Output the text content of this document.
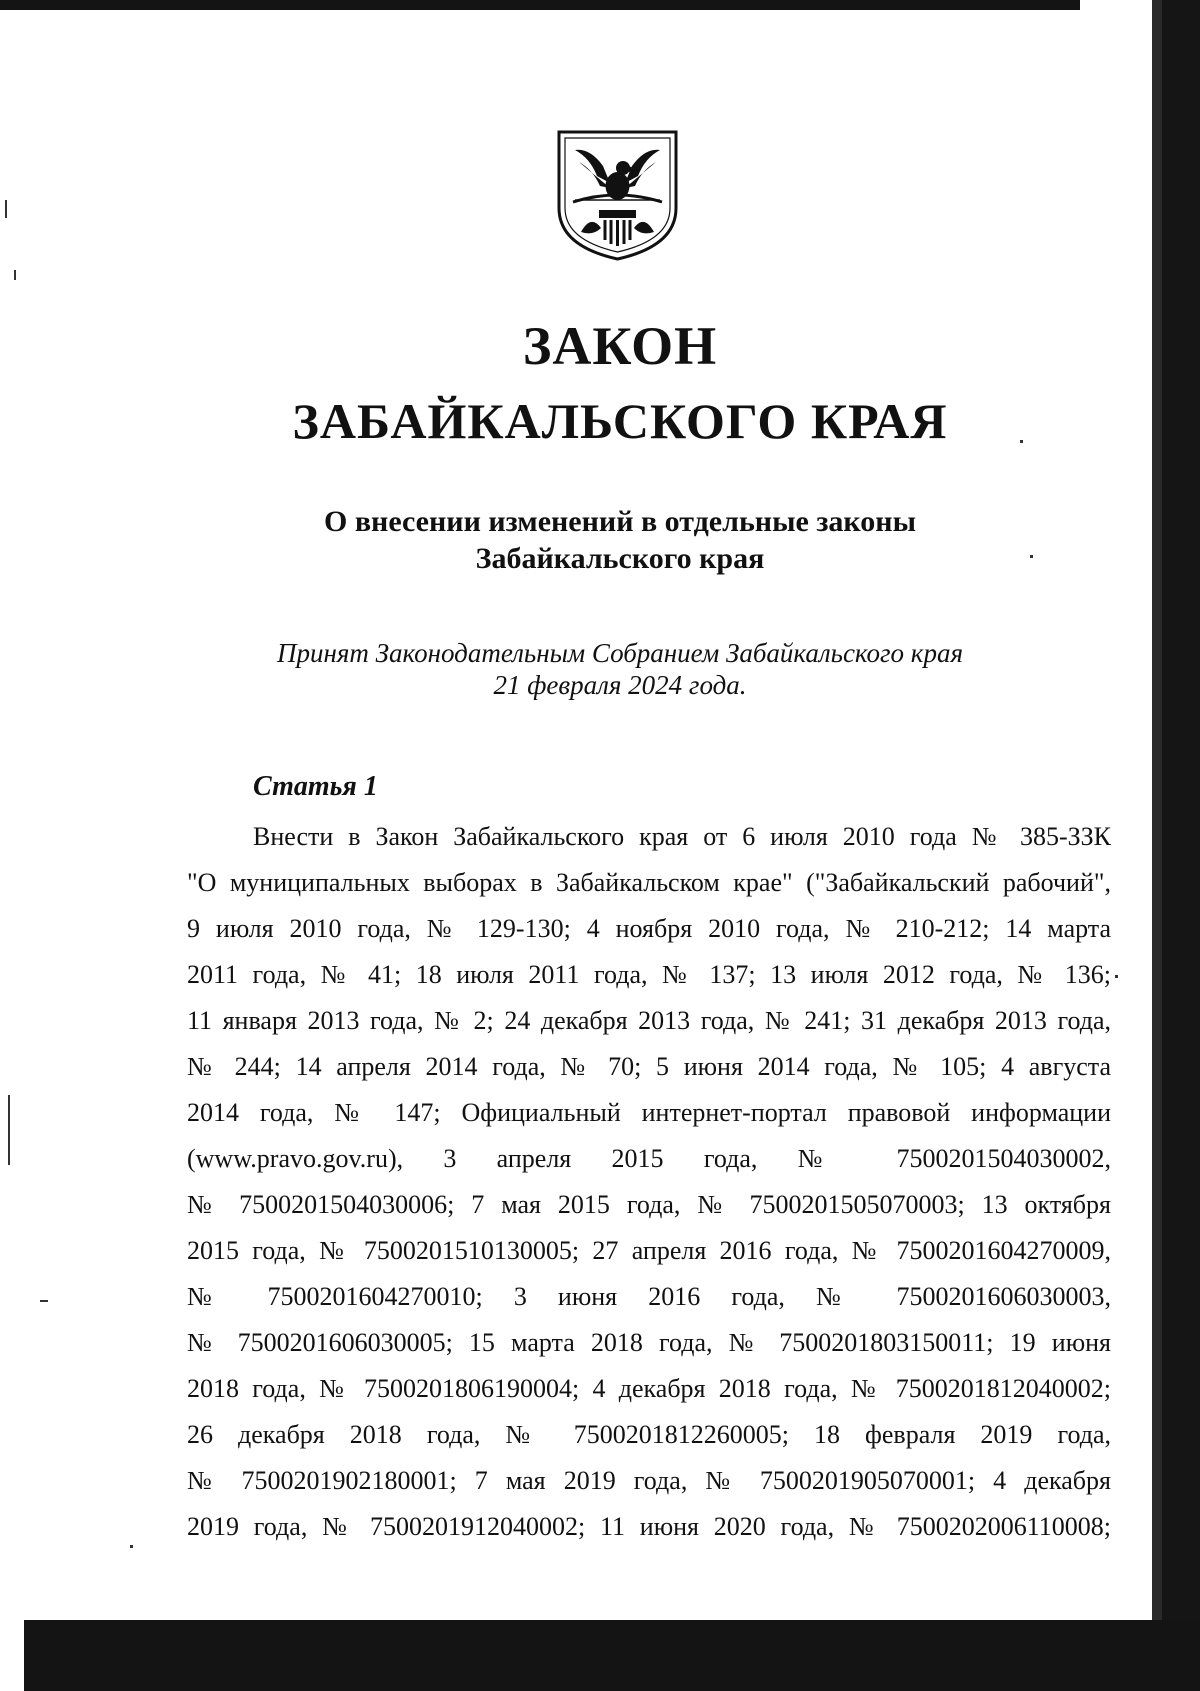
ЗАКОН
ЗАБАЙКАЛЬСКОГО КРАЯ
О внесении изменений в отдельные законы
Забайкальского края
Принят Законодательным Собранием Забайкальского края
21 февраля 2024 года.
Статья 1
Внести в Закон Забайкальского края от 6 июля 2010 года № 385-ЗЗК
"О муниципальных выборах в Забайкальском крае" ("Забайкальский рабочий",
9 июля 2010 года, № 129-130; 4 ноября 2010 года, № 210-212; 14 марта
2011 года, № 41; 18 июля 2011 года, № 137; 13 июля 2012 года, № 136;
11 января 2013 года, № 2; 24 декабря 2013 года, № 241; 31 декабря 2013 года,
№ 244; 14 апреля 2014 года, № 70; 5 июня 2014 года, № 105; 4 августа
2014 года, № 147; Официальный интернет-портал правовой информации
(www.pravo.gov.ru), 3 апреля 2015 года, № 7500201504030002,
№ 7500201504030006; 7 мая 2015 года, № 7500201505070003; 13 октября
2015 года, № 7500201510130005; 27 апреля 2016 года, № 7500201604270009,
№ 7500201604270010; 3 июня 2016 года, № 7500201606030003,
№ 7500201606030005; 15 марта 2018 года, № 7500201803150011; 19 июня
2018 года, № 7500201806190004; 4 декабря 2018 года, № 7500201812040002;
26 декабря 2018 года, № 7500201812260005; 18 февраля 2019 года,
№ 7500201902180001; 7 мая 2019 года, № 7500201905070001; 4 декабря
2019 года, № 7500201912040002; 11 июня 2020 года, № 7500202006110008;
